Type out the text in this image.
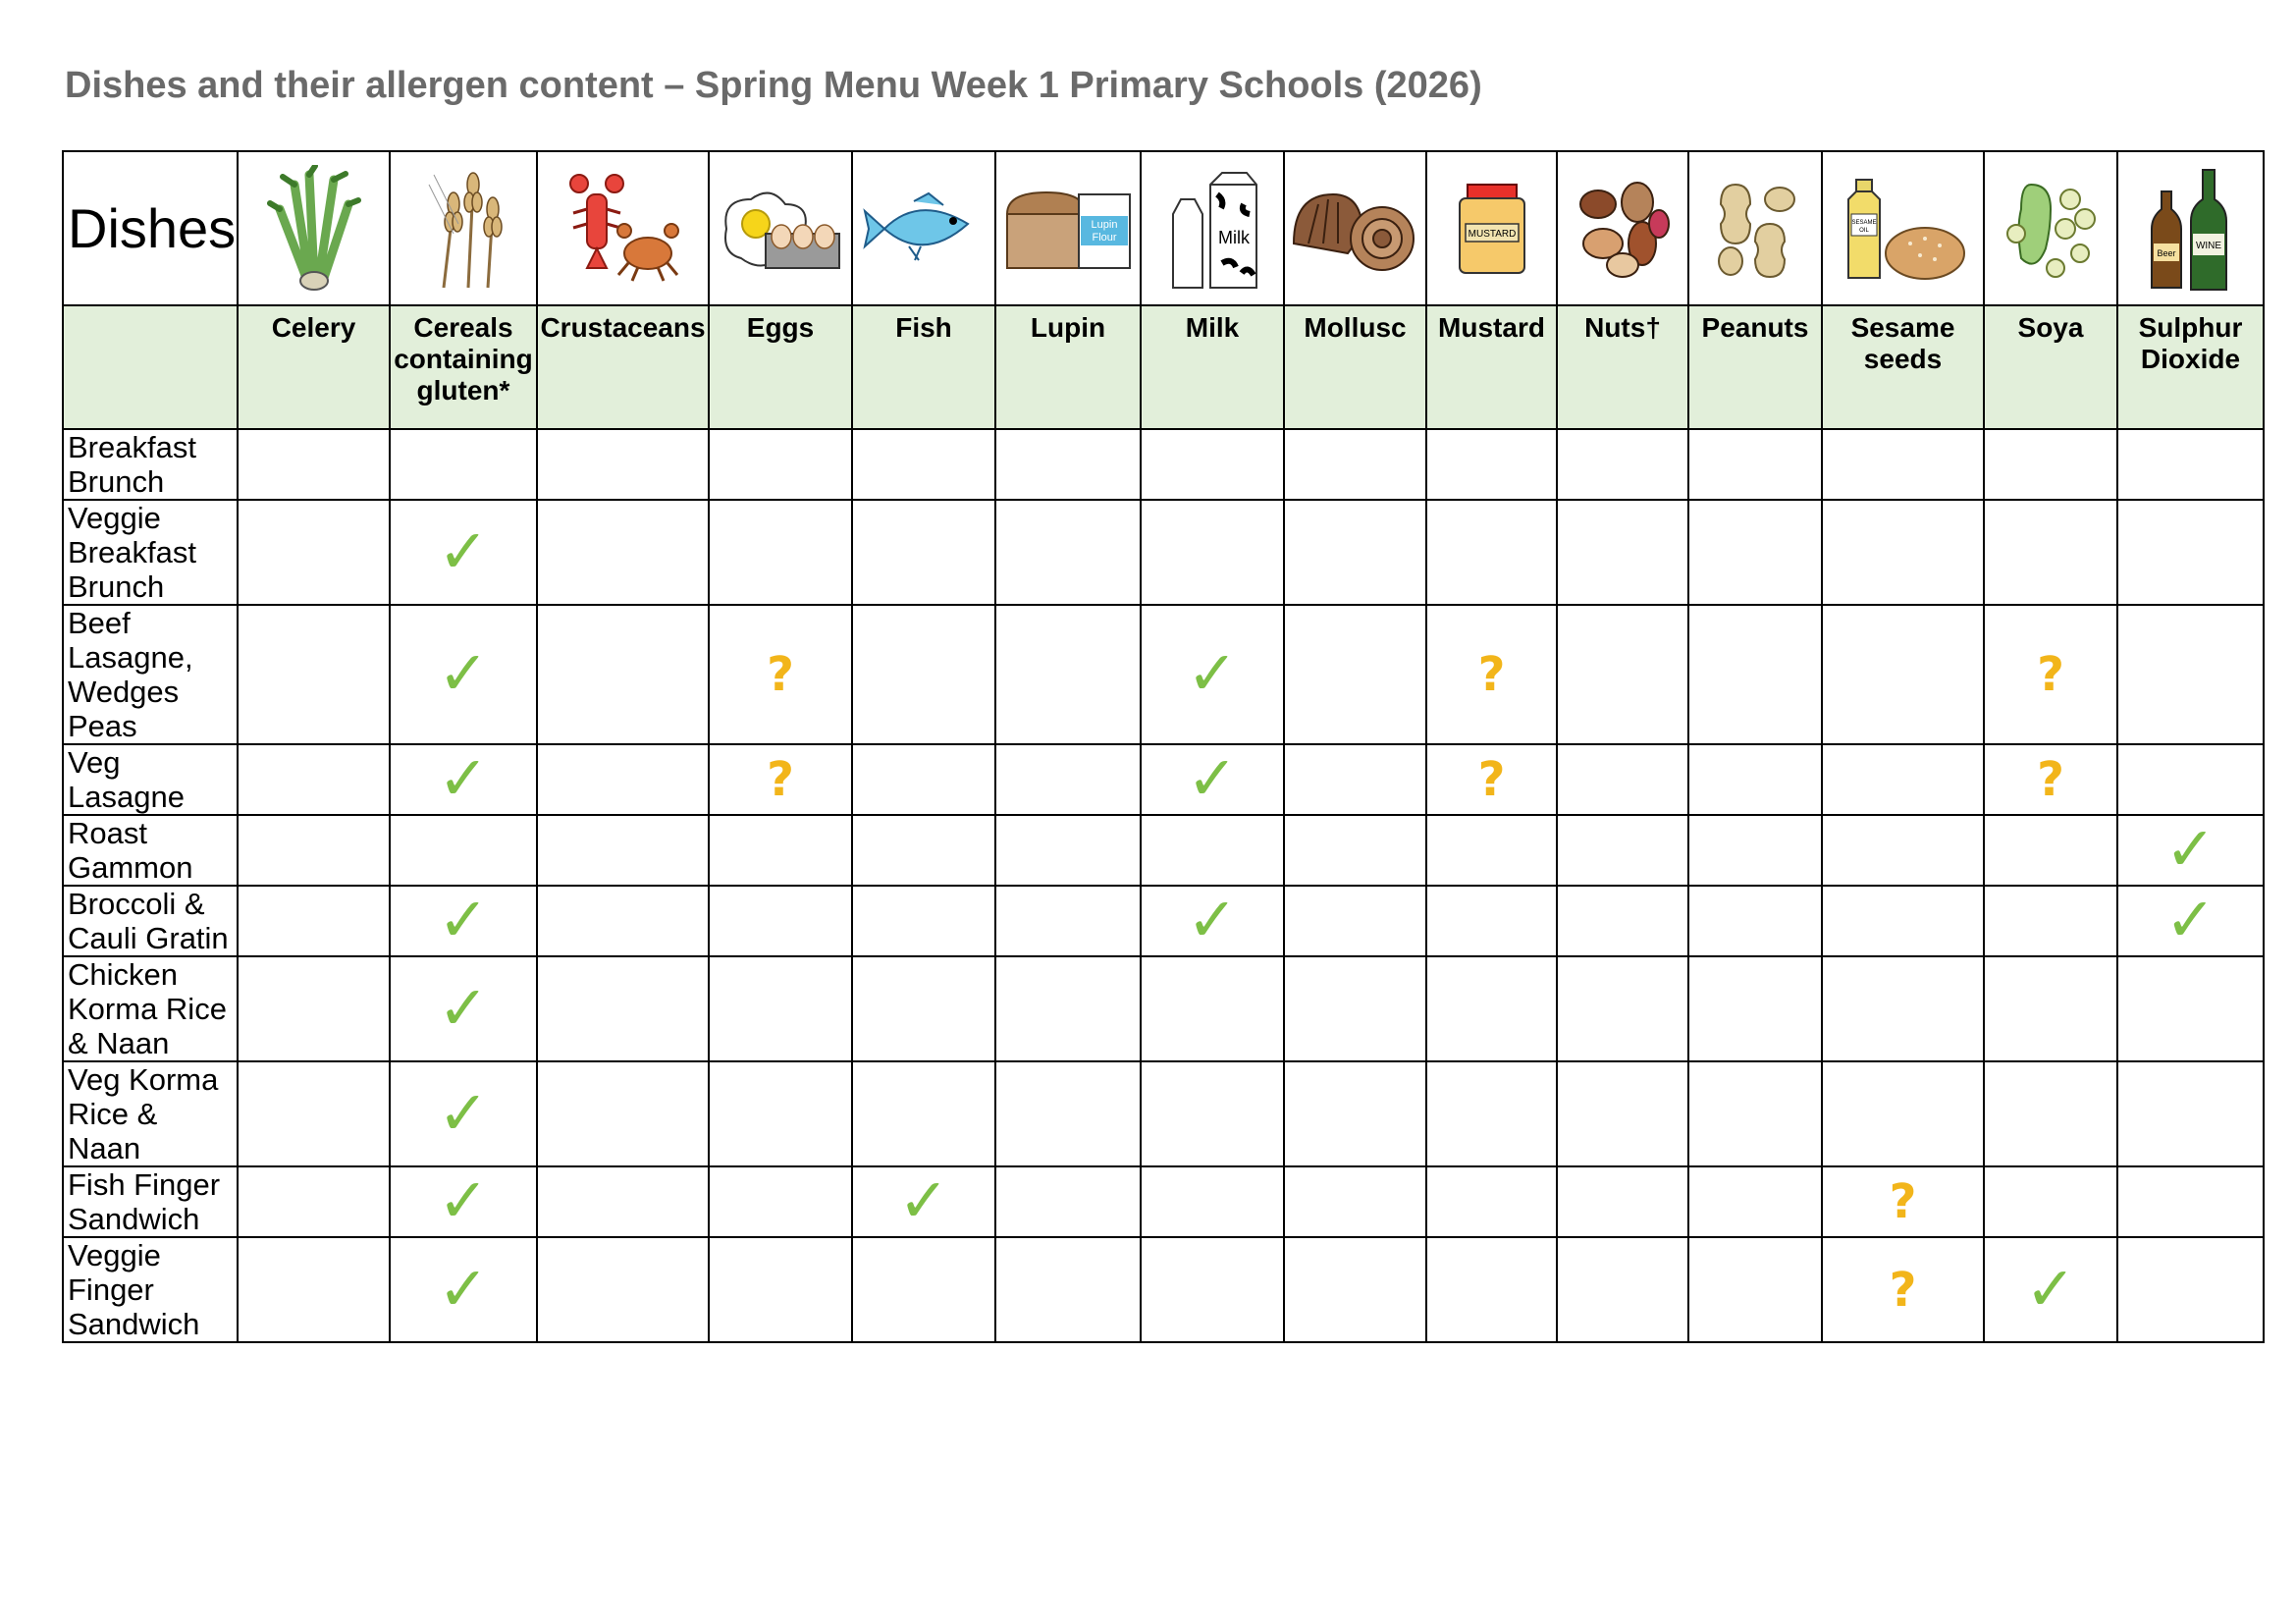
Dishes and their allergen content – Spring Menu Week 1 Primary Schools (2026)
Dishes						Lupin
Flour	Milk		MUSTARD			SESAME
OIL		Beer
WINE

	Celery	Cereals containing gluten*	Crustaceans	Eggs	Fish	Lupin	Milk	Mollusc	Mustard	Nuts†	Peanuts	Sesame seeds	Soya	Sulphur Dioxide
Breakfast Brunch														
Veggie Breakfast Brunch		✓												
Beef Lasagne, Wedges Peas		✓		?			✓		?				?	
Veg Lasagne		✓		?			✓		?				?	
Roast Gammon														✓
Broccoli & Cauli Gratin		✓					✓							✓
Chicken Korma Rice & Naan		✓												
Veg Korma Rice & Naan		✓												
Fish Finger Sandwich		✓			✓							?		
Veggie Finger Sandwich		✓										?	✓	
